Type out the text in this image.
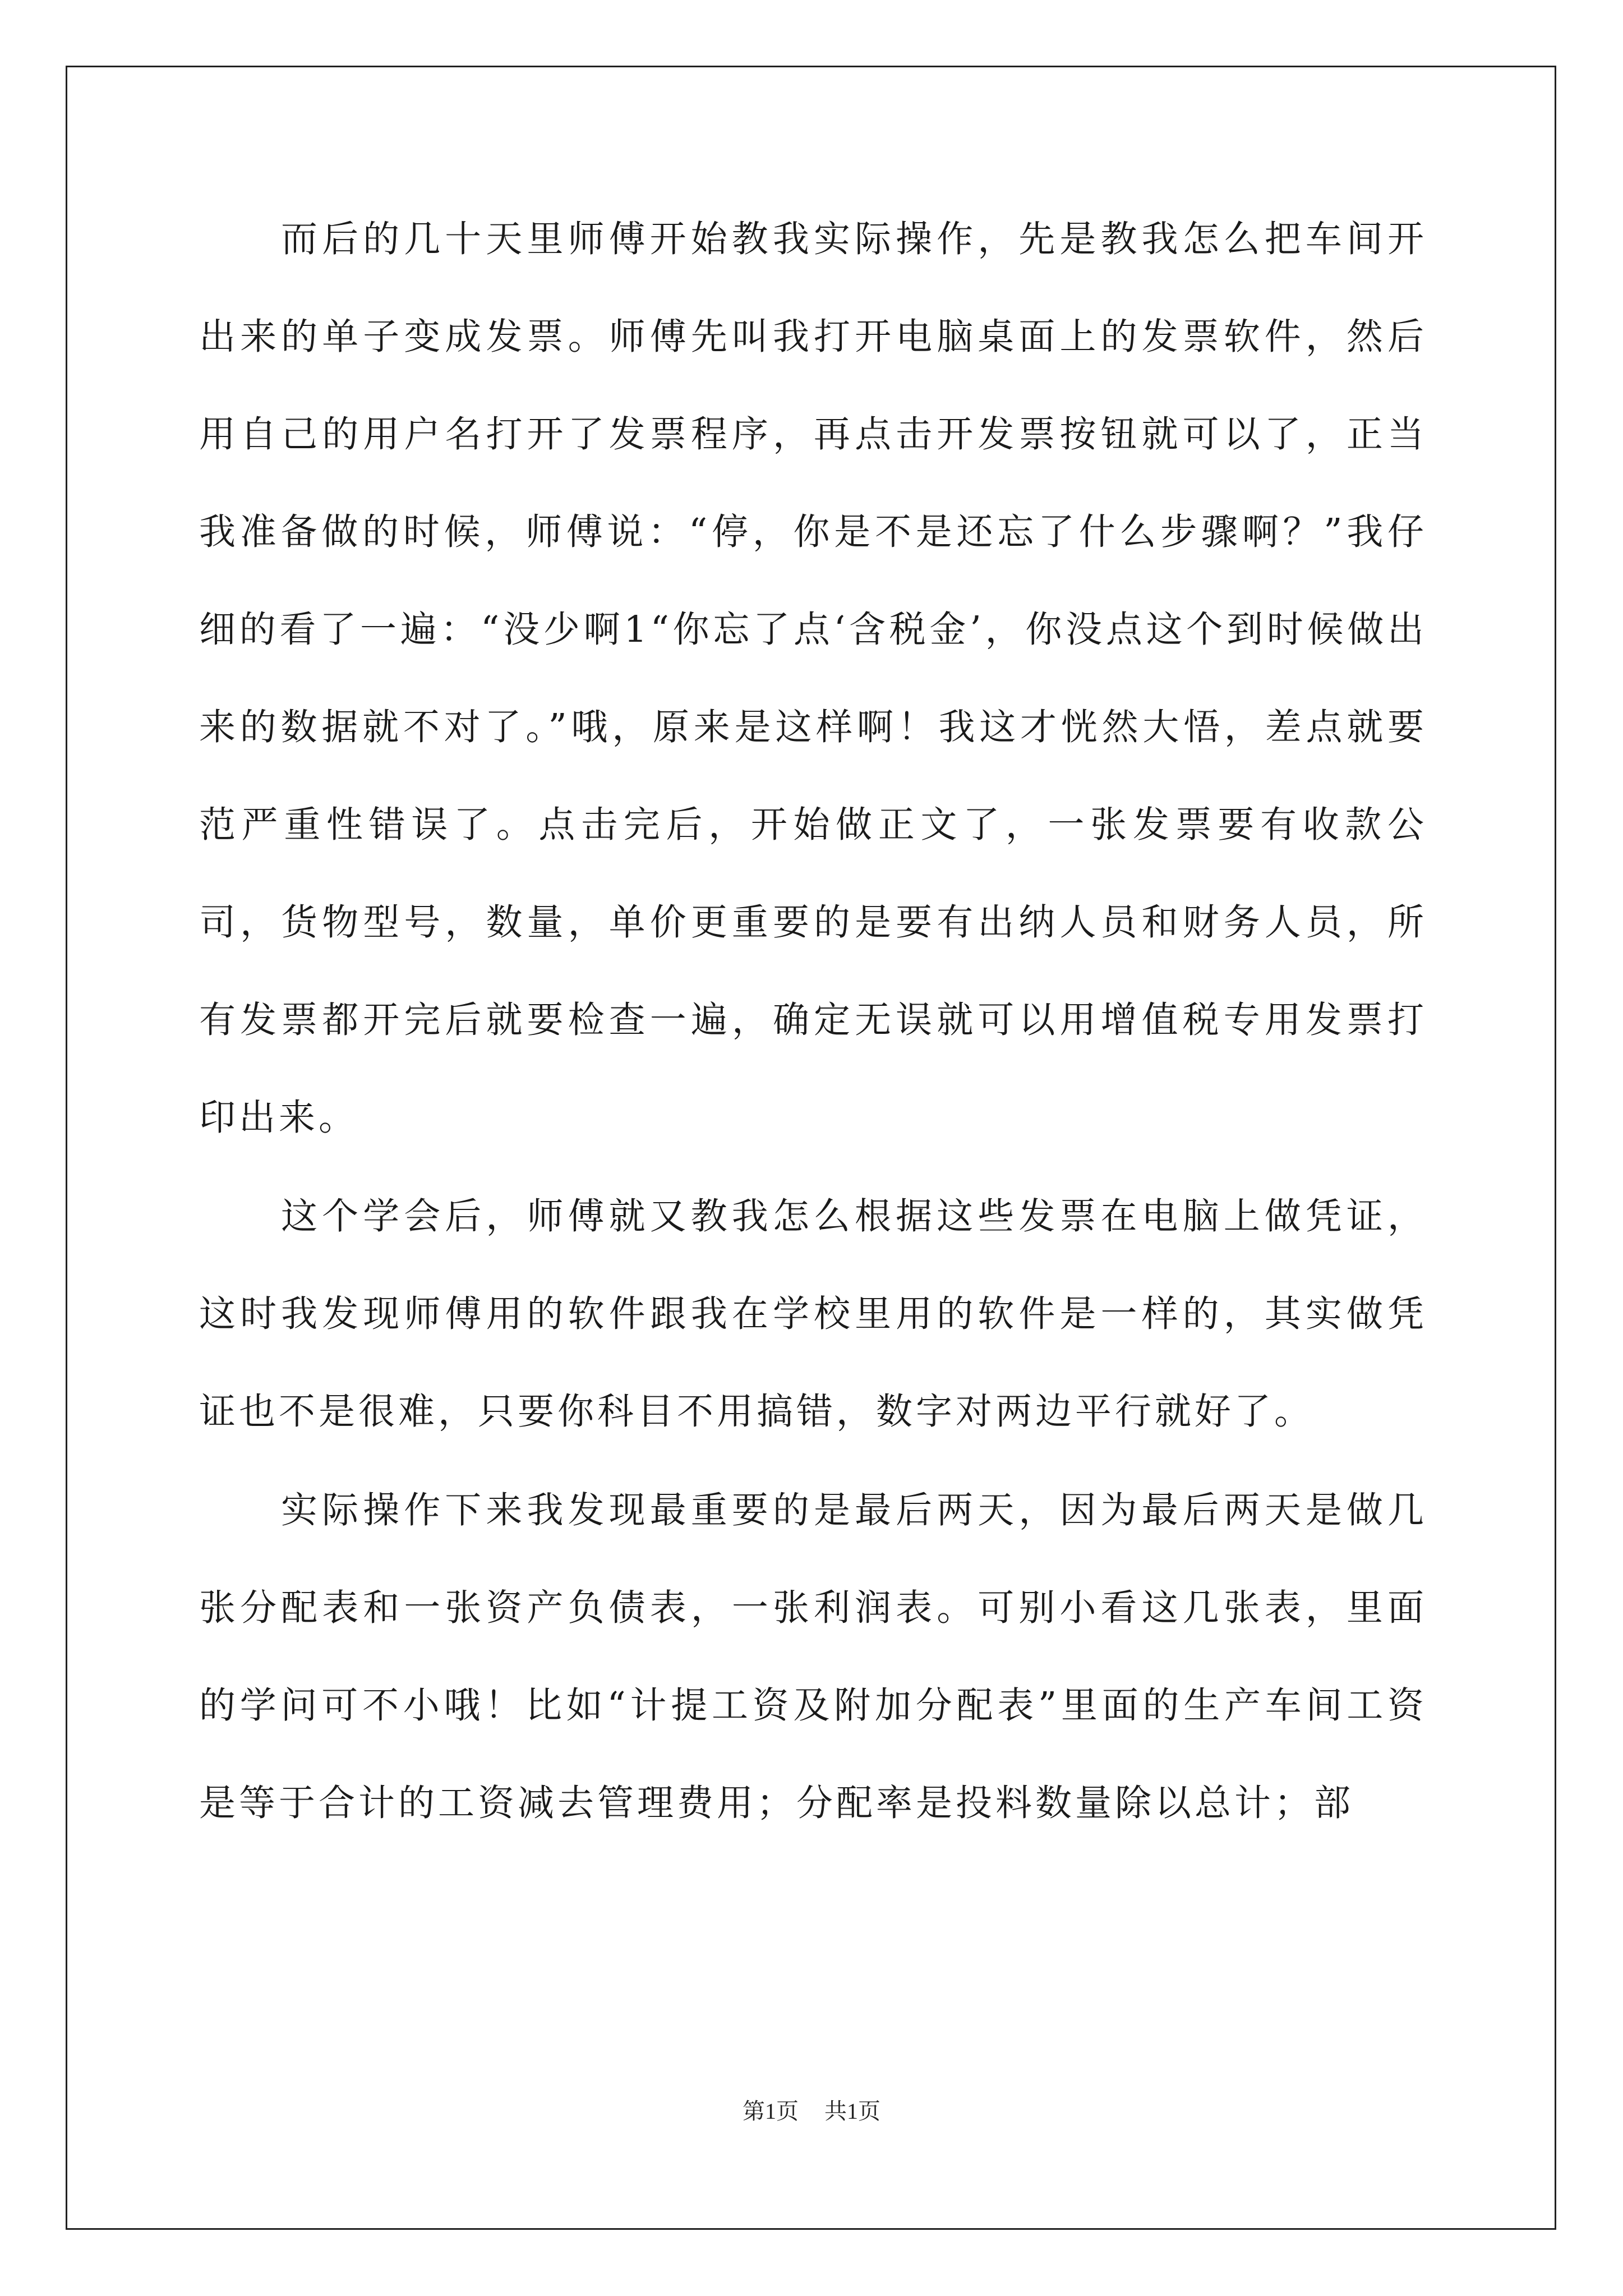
而后的几十天里师傅开始教我实际操作，先是教我怎么把车间开出来的单子变成发票。师傅先叫我打开电脑桌面上的发票软件，然后用自己的用户名打开了发票程序，再点击开发票按钮就可以了，正当我准备做的时候，师傅说：“停，你是不是还忘了什么步骤啊？”我仔细的看了一遍：“没少啊1“你忘了点‘含税金’，你没点这个到时候做出来的数据就不对了。”哦，原来是这样啊！我这才恍然大悟，差点就要范严重性错误了。点击完后，开始做正文了，一张发票要有收款公司，货物型号，数量，单价更重要的是要有出纳人员和财务人员，所有发票都开完后就要检查一遍，确定无误就可以用增值税专用发票打印出来。

这个学会后，师傅就又教我怎么根据这些发票在电脑上做凭证，这时我发现师傅用的软件跟我在学校里用的软件是一样的，其实做凭证也不是很难，只要你科目不用搞错，数字对两边平行就好了。

实际操作下来我发现最重要的是最后两天，因为最后两天是做几张分配表和一张资产负债表，一张利润表。可别小看这几张表，里面的学问可不小哦！比如“计提工资及附加分配表”里面的生产车间工资是等于合计的工资减去管理费用；分配率是投料数量除以总计；部

第1页 共1页
